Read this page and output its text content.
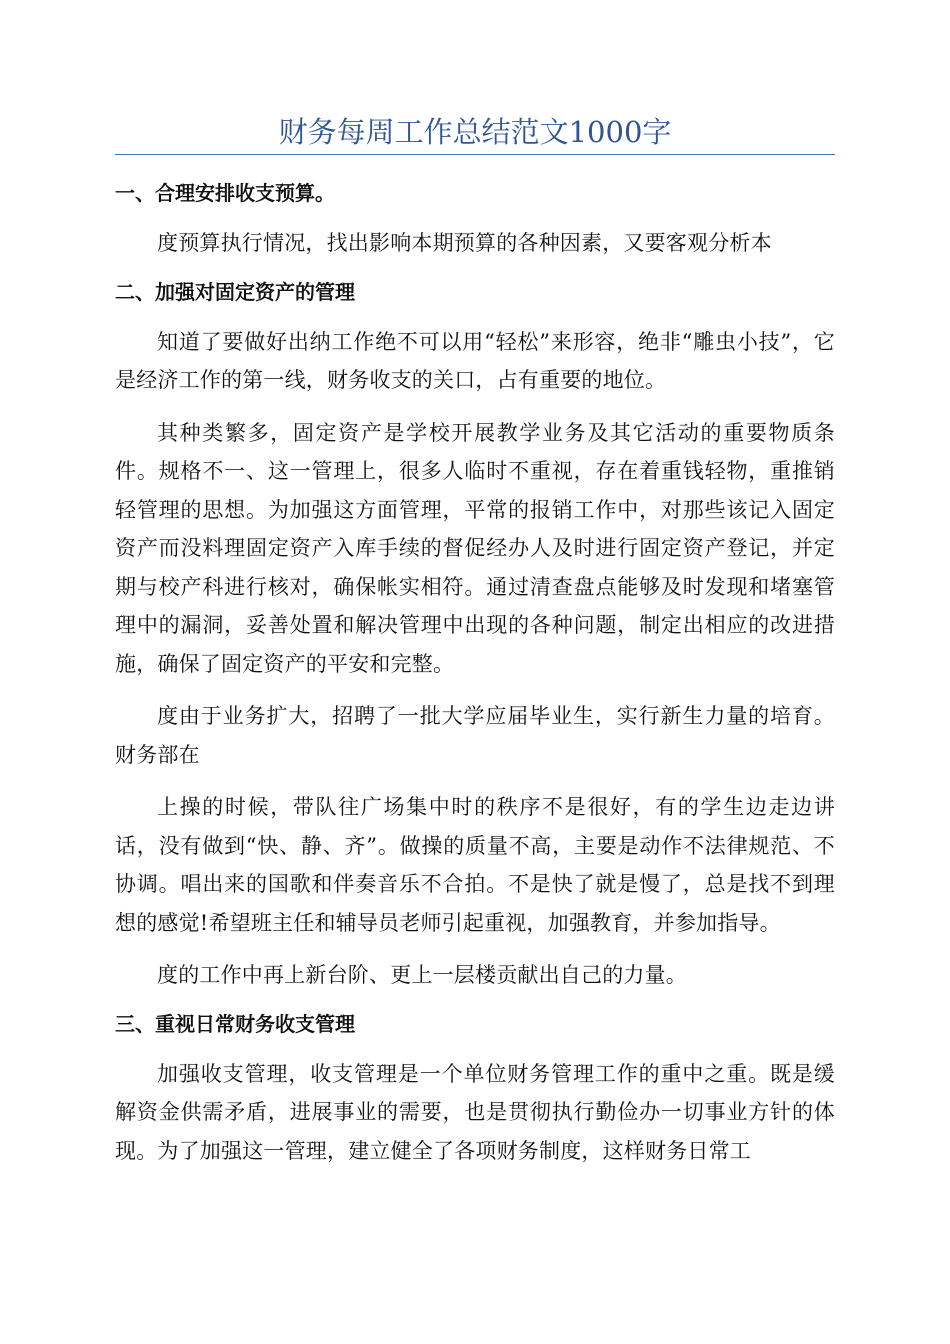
财务每周工作总结范文1000字
一、合理安排收支预算。

度预算执行情况，找出影响本期预算的各种因素，又要客观分析本

二、加强对固定资产的管理

知道了要做好出纳工作绝不可以用“轻松”来形容，绝非“雕虫小技”，它是经济工作的第一线，财务收支的关口，占有重要的地位。

其种类繁多，固定资产是学校开展教学业务及其它活动的重要物质条件。规格不一、这一管理上，很多人临时不重视，存在着重钱轻物，重推销轻管理的思想。为加强这方面管理，平常的报销工作中，对那些该记入固定资产而没料理固定资产入库手续的督促经办人及时进行固定资产登记，并定期与校产科进行核对，确保帐实相符。通过清查盘点能够及时发现和堵塞管理中的漏洞，妥善处置和解决管理中出现的各种问题，制定出相应的改进措施，确保了固定资产的平安和完整。

度由于业务扩大，招聘了一批大学应届毕业生，实行新生力量的培育。财务部在

上操的时候，带队往广场集中时的秩序不是很好，有的学生边走边讲话，没有做到“快、静、齐”。做操的质量不高，主要是动作不法律规范、不协调。唱出来的国歌和伴奏音乐不合拍。不是快了就是慢了，总是找不到理想的感觉!希望班主任和辅导员老师引起重视，加强教育，并参加指导。

度的工作中再上新台阶、更上一层楼贡献出自己的力量。

三、重视日常财务收支管理

加强收支管理，收支管理是一个单位财务管理工作的重中之重。既是缓解资金供需矛盾，进展事业的需要，也是贯彻执行勤俭办一切事业方针的体现。为了加强这一管理，建立健全了各项财务制度，这样财务日常工
